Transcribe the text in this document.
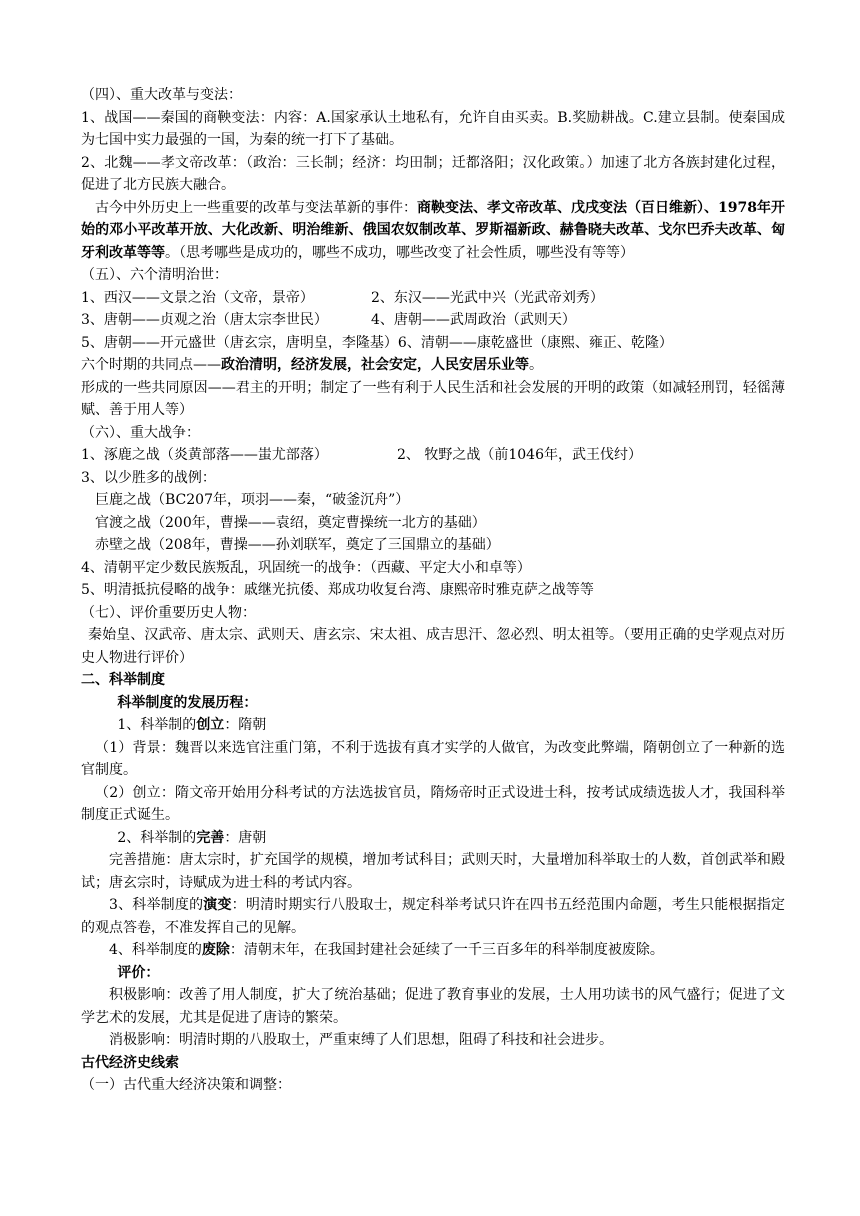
（四）、重大改革与变法：

1、战国——秦国的商鞅变法：内容：A.国家承认土地私有，允许自由买卖。B.奖励耕战。C.建立县制。使秦国成为七国中实力最强的一国，为秦的统一打下了基础。

2、北魏——孝文帝改革：（政治：三长制；经济：均田制；迁都洛阳；汉化政策。）加速了北方各族封建化过程，促进了北方民族大融合。

古今中外历史上一些重要的改革与变法革新的事件：商鞅变法、孝文帝改革、戊戌变法（百日维新）、1978年开始的邓小平改革开放、大化改新、明治维新、俄国农奴制改革、罗斯福新政、赫鲁晓夫改革、戈尔巴乔夫改革、匈牙利改革等等。（思考哪些是成功的，哪些不成功，哪些改变了社会性质，哪些没有等等）

（五）、六个清明治世：

1、西汉——文景之治（文帝，景帝）	2、东汉——光武中兴（光武帝刘秀）
3、唐朝——贞观之治（唐太宗李世民）	4、唐朝——武周政治（武则天）
5、唐朝——开元盛世（唐玄宗，唐明皇，李隆基） 6、清朝——康乾盛世（康熙、雍正、乾隆）

六个时期的共同点——政治清明，经济发展，社会安定，人民安居乐业等。

形成的一些共同原因——君主的开明；制定了一些有利于人民生活和社会发展的开明的政策（如减轻刑罚，轻徭薄赋、善于用人等）

（六）、重大战争：

1、涿鹿之战（炎黄部落——蚩尤部落）	2、 牧野之战（前1046年，武王伐纣）

3、以少胜多的战例：

巨鹿之战（BC207年，项羽——秦，“破釜沉舟”）

官渡之战（200年，曹操——袁绍，奠定曹操统一北方的基础）

赤壁之战（208年，曹操——孙刘联军，奠定了三国鼎立的基础）

4、清朝平定少数民族叛乱，巩固统一的战争：（西藏、平定大小和卓等）

5、明清抵抗侵略的战争：戚继光抗倭、郑成功收复台湾、康熙帝时雅克萨之战等等

（七）、评价重要历史人物：

秦始皇、汉武帝、唐太宗、武则天、唐玄宗、宋太祖、成吉思汗、忽必烈、明太祖等。（要用正确的史学观点对历史人物进行评价）

二、科举制度

科举制度的发展历程：

1、科举制的创立：隋朝

（1）背景：魏晋以来选官注重门第，不利于选拔有真才实学的人做官，为改变此弊端，隋朝创立了一种新的选官制度。

（2）创立：隋文帝开始用分科考试的方法选拔官员，隋炀帝时正式设进士科，按考试成绩选拔人才，我国科举制度正式诞生。

2、科举制的完善：唐朝

完善措施：唐太宗时，扩充国学的规模，增加考试科目；武则天时，大量增加科举取士的人数，首创武举和殿试；唐玄宗时，诗赋成为进士科的考试内容。

3、科举制度的演变：明清时期实行八股取士，规定科举考试只许在四书五经范围内命题，考生只能根据指定的观点答卷，不准发挥自己的见解。

4、科举制度的废除：清朝末年，在我国封建社会延续了一千三百多年的科举制度被废除。

评价：

积极影响：改善了用人制度，扩大了统治基础；促进了教育事业的发展，士人用功读书的风气盛行；促进了文学艺术的发展，尤其是促进了唐诗的繁荣。

消极影响：明清时期的八股取士，严重束缚了人们思想，阻碍了科技和社会进步。

古代经济史线索

（一）古代重大经济决策和调整：
